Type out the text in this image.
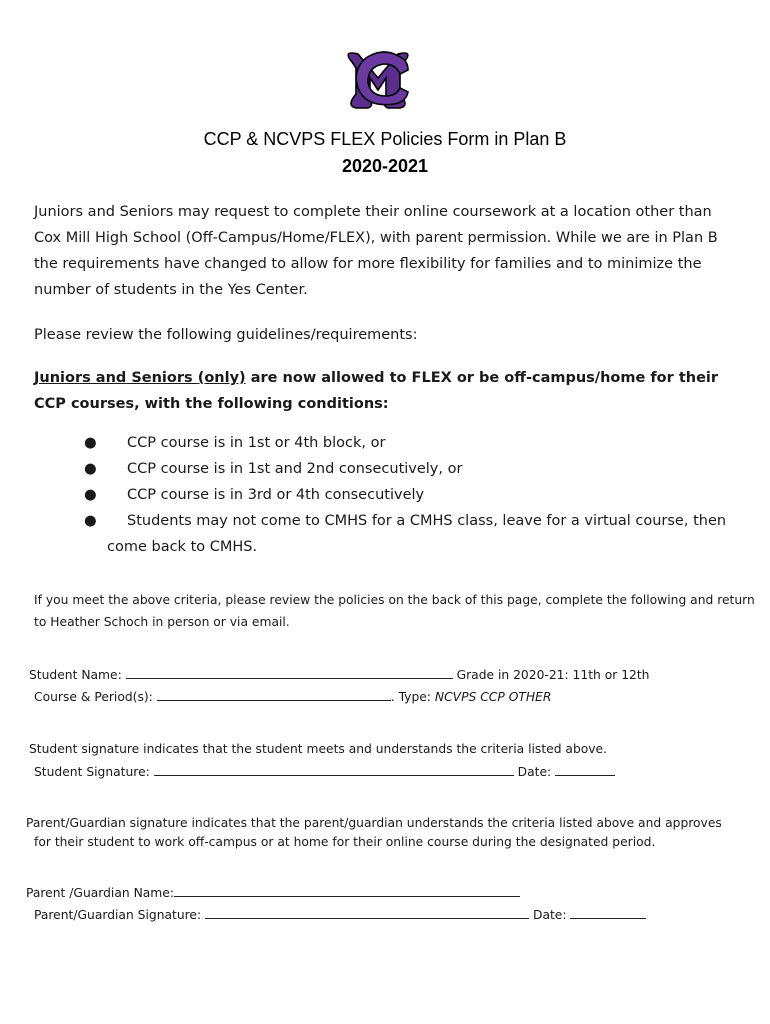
CCP & NCVPS FLEX Policies Form in Plan B
2020-2021
Juniors and Seniors may request to complete their online coursework at a location other than Cox Mill High School (Off-Campus/Home/FLEX), with parent permission. While we are in Plan B the requirements have changed to allow for more flexibility for families and to minimize the number of students in the Yes Center.
Please review the following guidelines/requirements:
Juniors and Seniors (only) are now allowed to FLEX or be off-campus/home for their CCP courses, with the following conditions:
● CCP course is in 1st or 4th block, or
● CCP course is in 1st and 2nd consecutively, or
● CCP course is in 3rd or 4th consecutively
●	Students may not come to CMHS for a CMHS class, leave for a virtual course, then
come back to CMHS.
If you meet the above criteria, please review the policies on the back of this page, complete the following and return to Heather Schoch in person or via email.
Student Name:	Grade in 2020-21: 11th or 12th
Course & Period(s):	. Type: NCVPS CCP OTHER
Student signature indicates that the student meets and understands the criteria listed above.
Student Signature:	Date:
Parent/Guardian signature indicates that the parent/guardian understands the criteria listed above and approves
for their student to work off-campus or at home for their online course during the designated period.
Parent /Guardian Name:
Parent/Guardian Signature:	Date:
